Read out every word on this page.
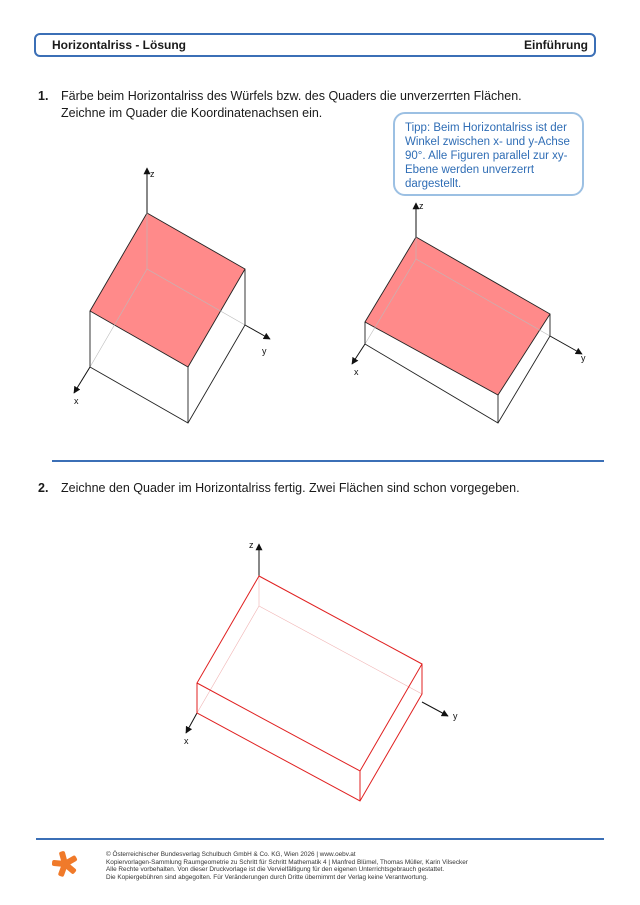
Horizontalriss - Lösung	Einführung
1. Färbe beim Horizontalriss des Würfels bzw. des Quaders die unverzerrten Flächen.
Zeichne im Quader die Koordinatenachsen ein.
Tipp: Beim Horizontalriss ist der Winkel zwischen x- und y-Achse 90°. Alle Figuren parallel zur xy-Ebene werden unverzerrt dargestellt.
z
y
x
z
y
x
z
y
x
2. Zeichne den Quader im Horizontalriss fertig. Zwei Flächen sind schon vorgegeben.
© Österreichischer Bundesverlag Schulbuch GmbH & Co. KG, Wien 2026 | www.oebv.at
Kopiervorlagen-Sammlung Raumgeometrie zu Schritt für Schritt Mathematik 4 | Manfred Blümel, Thomas Müller, Karin Vilsecker
Alle Rechte vorbehalten. Von dieser Druckvorlage ist die Vervielfältigung für den eigenen Unterrichtsgebrauch gestattet.
Die Kopiergebühren sind abgegolten. Für Veränderungen durch Dritte übernimmt der Verlag keine Verantwortung.
